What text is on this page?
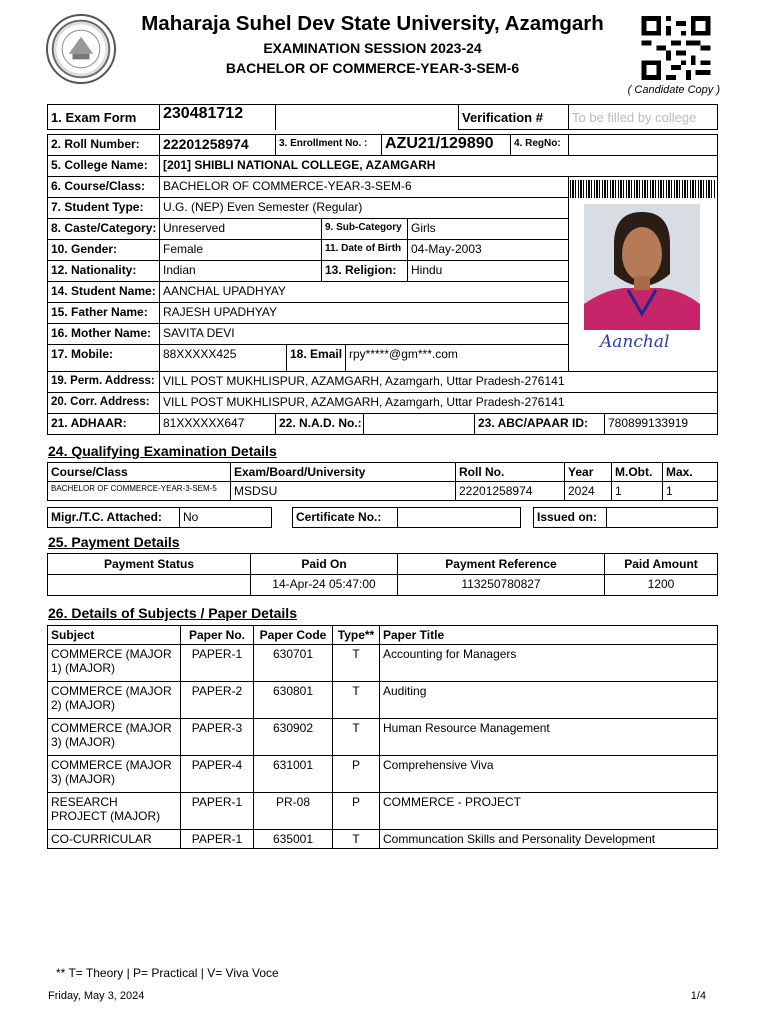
Maharaja Suhel Dev State University, Azamgarh
EXAMINATION SESSION 2023-24
BACHELOR OF COMMERCE-YEAR-3-SEM-6
( Candidate Copy )
1. Exam Form	230481712	Verification #	To be filled by college
2. Roll Number:	22201258974	3. Enrollment No. :	AZU21/129890	4. RegNo:
5. College Name:	[201] SHIBLI NATIONAL COLLEGE, AZAMGARH
6. Course/Class:	BACHELOR OF COMMERCE-YEAR-3-SEM-6
7. Student Type:	U.G. (NEP) Even Semester (Regular)
8. Caste/Category: Unreserved	9. Sub-Category Girls
10. Gender:	Female	11. Date of Birth 04-May-2003
12. Nationality:	Indian	13. Religion:	Hindu
14. Student Name: AANCHAL UPADHYAY
15. Father Name:	RAJESH UPADHYAY
16. Mother Name: SAVITA DEVI
17. Mobile:	88XXXXX425	18. Email rpy*****@gm***.com
Aanchal
19. Perm. Address: VILL POST MUKHLISPUR, AZAMGARH, Azamgarh, Uttar Pradesh-276141
20. Corr. Address:	VILL POST MUKHLISPUR, AZAMGARH, Azamgarh, Uttar Pradesh-276141
21. ADHAAR:	81XXXXXX647	22. N.A.D. No.:	23. ABC/APAAR ID:	780899133919
24. Qualifying Examination Details
Course/Class	Exam/Board/University	Roll No.	Year	M.Obt.	Max.
BACHELOR OF COMMERCE-YEAR-3-SEM-5	MSDSU	22201258974	2024	1	1
Migr./T.C. Attached:	No	Certificate No.:	Issued on:
25. Payment Details
Payment Status	Paid On	Payment Reference	Paid Amount
	14-Apr-24 05:47:00	113250780827	1200
26. Details of Subjects / Paper Details
Subject	Paper No.	Paper Code	Type**	Paper Title
COMMERCE (MAJOR 1) (MAJOR)	PAPER-1	630701	T	Accounting for Managers
COMMERCE (MAJOR 2) (MAJOR)	PAPER-2	630801	T	Auditing
COMMERCE (MAJOR 3) (MAJOR)	PAPER-3	630902	T	Human Resource Management
COMMERCE (MAJOR 3) (MAJOR)	PAPER-4	631001	P	Comprehensive Viva
RESEARCH PROJECT (MAJOR)	PAPER-1	PR-08	P	COMMERCE - PROJECT
CO-CURRICULAR	PAPER-1	635001	T	Communcation Skills and Personality Development
** T= Theory | P= Practical | V= Viva Voce
Friday, May 3, 2024	1/4
